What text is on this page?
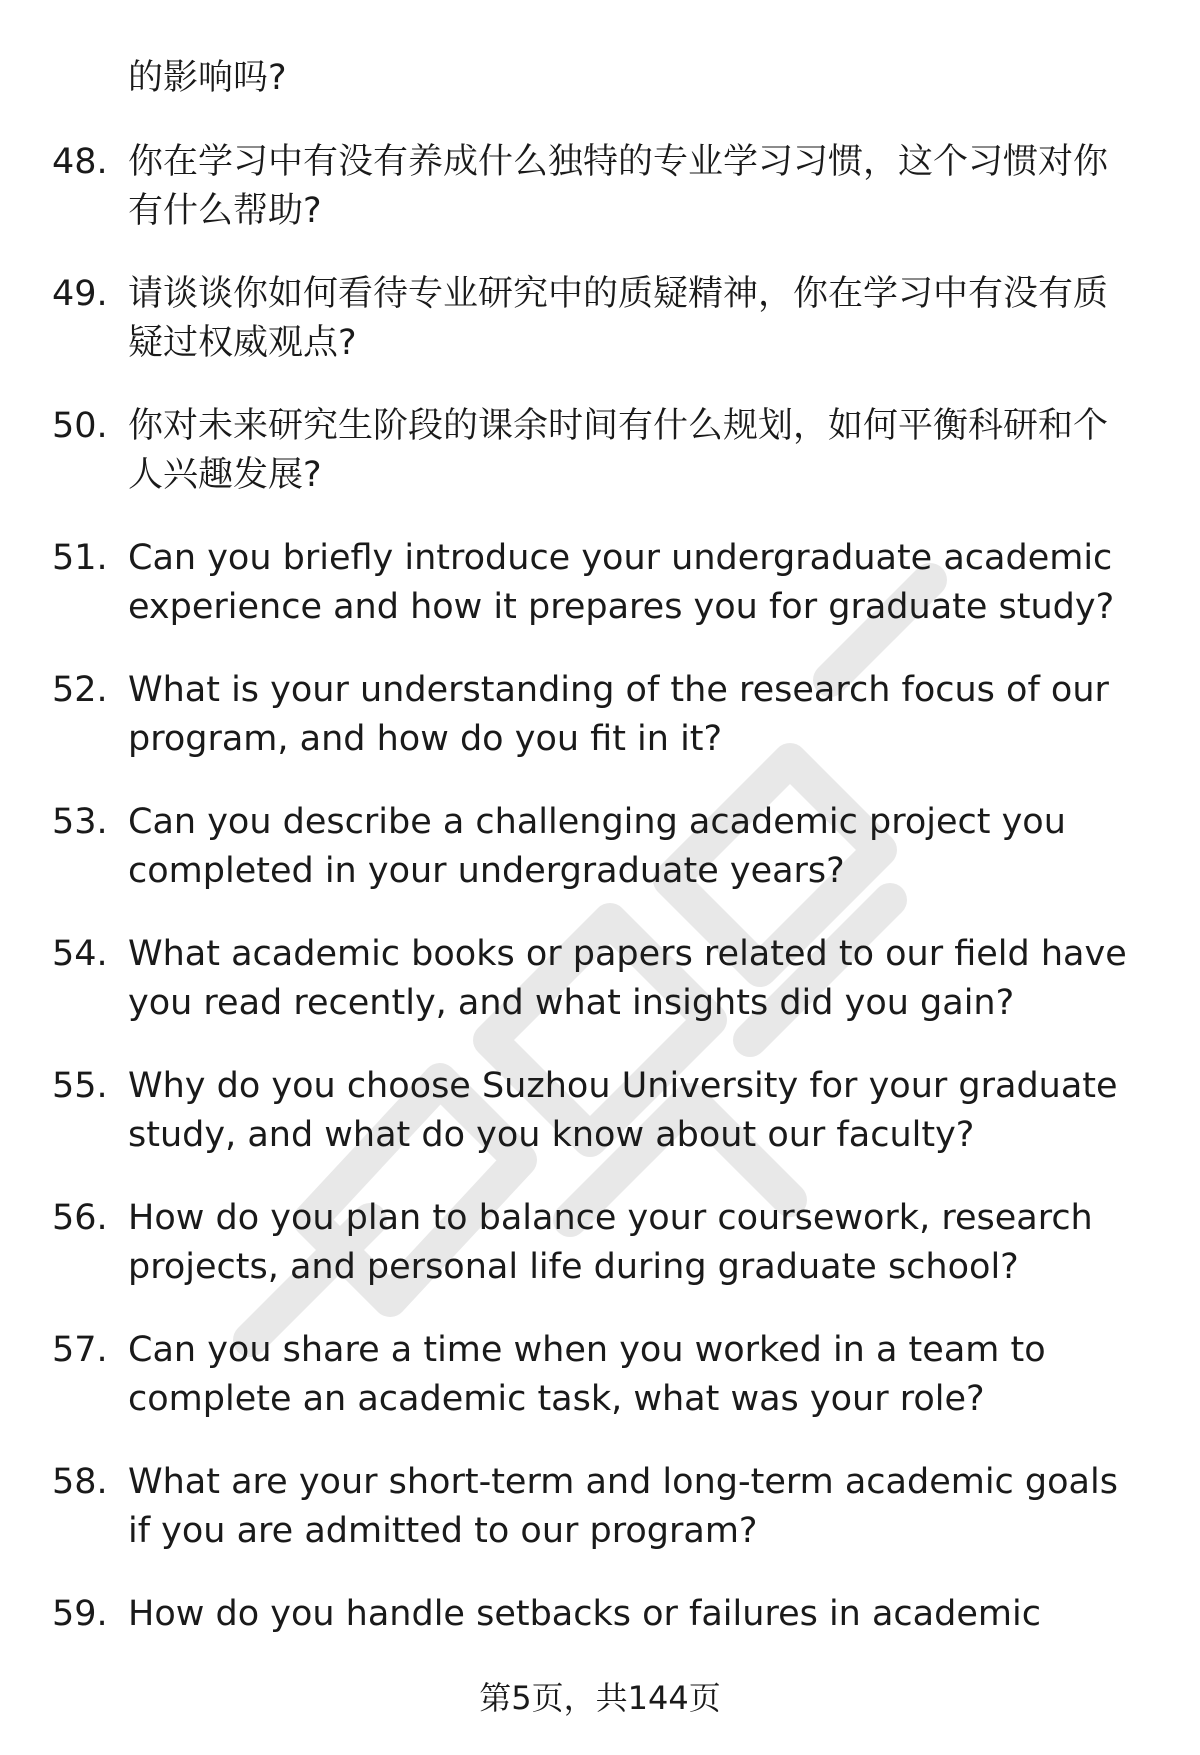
的影响吗?
48. 你在学习中有没有养成什么独特的专业学习习惯，这个习惯对你有什么帮助?
49. 请谈谈你如何看待专业研究中的质疑精神，你在学习中有没有质疑过权威观点?
50. 你对未来研究生阶段的课余时间有什么规划，如何平衡科研和个人兴趣发展?
51. Can you briefly introduce your undergraduate academic experience and how it prepares you for graduate study?
52. What is your understanding of the research focus of our program, and how do you fit in it?
53. Can you describe a challenging academic project you completed in your undergraduate years?
54. What academic books or papers related to our field have you read recently, and what insights did you gain?
55. Why do you choose Suzhou University for your graduate study, and what do you know about our faculty?
56. How do you plan to balance your coursework, research projects, and personal life during graduate school?
57. Can you share a time when you worked in a team to complete an academic task, what was your role?
58. What are your short-term and long-term academic goals if you are admitted to our program?
59. How do you handle setbacks or failures in academic
第5页，共144页
